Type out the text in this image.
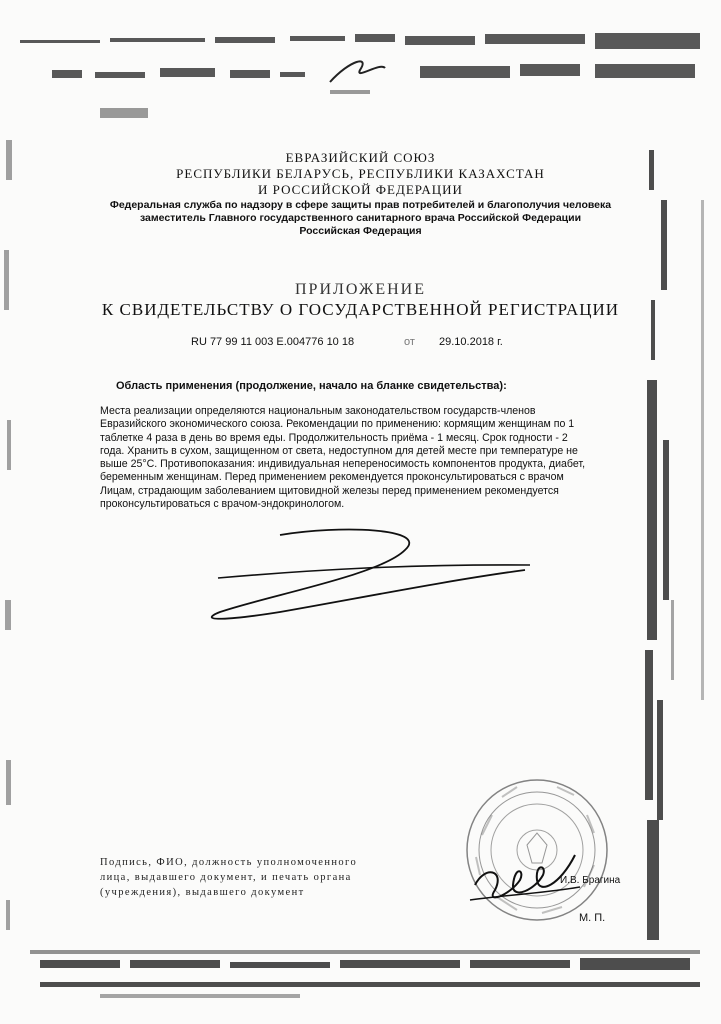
ЕВРАЗИЙСКИЙ СОЮЗ
РЕСПУБЛИКИ БЕЛАРУСЬ, РЕСПУБЛИКИ КАЗАХСТАН
И РОССИЙСКОЙ ФЕДЕРАЦИИ
Федеральная служба по надзору в сфере защиты прав потребителей и благополучия человека
заместитель Главного государственного санитарного врача Российской Федерации
Российская Федерация
ПРИЛОЖЕНИЕ
К СВИДЕТЕЛЬСТВУ О ГОСУДАРСТВЕННОЙ РЕГИСТРАЦИИ
RU 77 99 11 003 E.004776 10 18	от 29.10.2018 г.
Область применения (продолжение, начало на бланке свидетельства):
Места реализации определяются национальным законодательством государств-членов
Евразийского экономического союза. Рекомендации по применению: кормящим женщинам по 1
таблетке 4 раза в день во время еды. Продолжительность приёма - 1 месяц. Срок годности - 2
года. Хранить в сухом, защищенном от света, недоступном для детей месте при температуре не
выше 25°С. Противопоказания: индивидуальная непереносимость компонентов продукта, диабет,
беременным женщинам. Перед применением рекомендуется проконсультироваться с врачом
Лицам, страдающим заболеванием щитовидной железы перед применением рекомендуется
проконсультироваться с врачом-эндокринологом.
Подпись, ФИО, должность уполномоченного
лица, выдавшего документ, и печать органа
(учреждения), выдавшего документ
И.В. Брагина
М. П.
